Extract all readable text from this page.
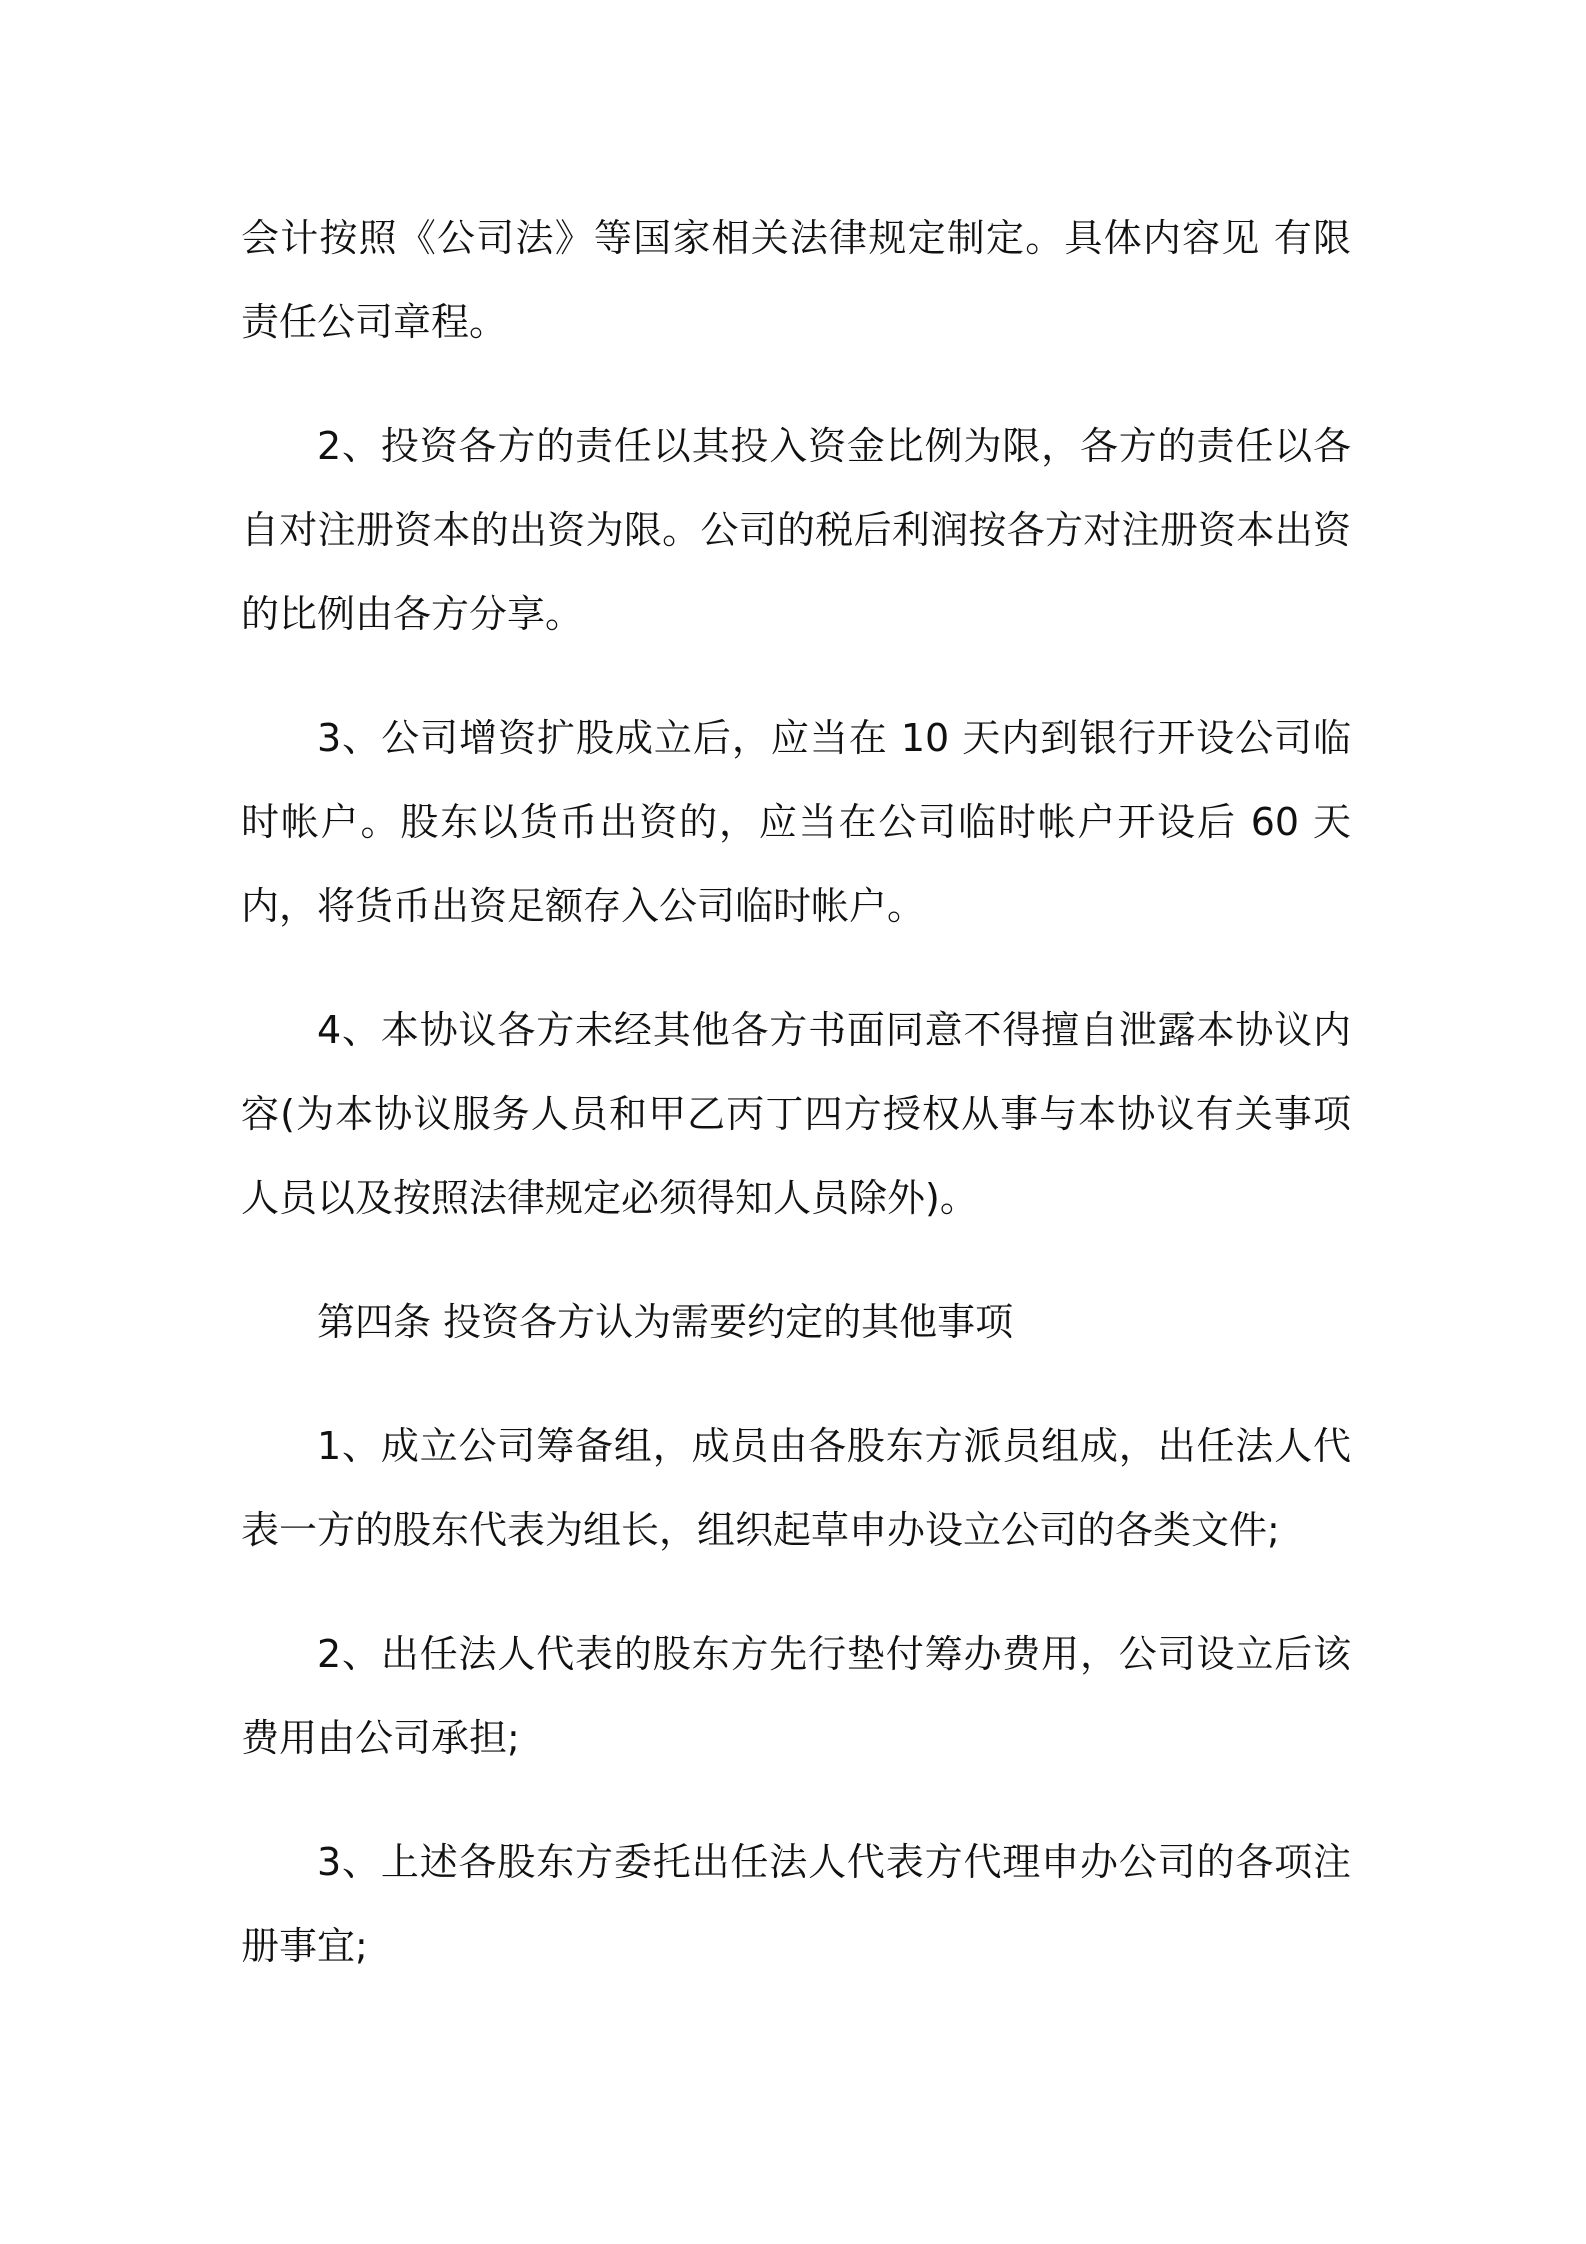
会计按照《公司法》等国家相关法律规定制定。具体内容见 有限责任公司章程。

2、投资各方的责任以其投入资金比例为限，各方的责任以各自对注册资本的出资为限。公司的税后利润按各方对注册资本出资的比例由各方分享。

3、公司增资扩股成立后，应当在 10 天内到银行开设公司临时帐户。股东以货币出资的，应当在公司临时帐户开设后 60 天内，将货币出资足额存入公司临时帐户。

4、本协议各方未经其他各方书面同意不得擅自泄露本协议内容(为本协议服务人员和甲乙丙丁四方授权从事与本协议有关事项人员以及按照法律规定必须得知人员除外)。

第四条 投资各方认为需要约定的其他事项

1、成立公司筹备组，成员由各股东方派员组成，出任法人代表一方的股东代表为组长，组织起草申办设立公司的各类文件;

2、出任法人代表的股东方先行垫付筹办费用，公司设立后该费用由公司承担;

3、上述各股东方委托出任法人代表方代理申办公司的各项注册事宜;
